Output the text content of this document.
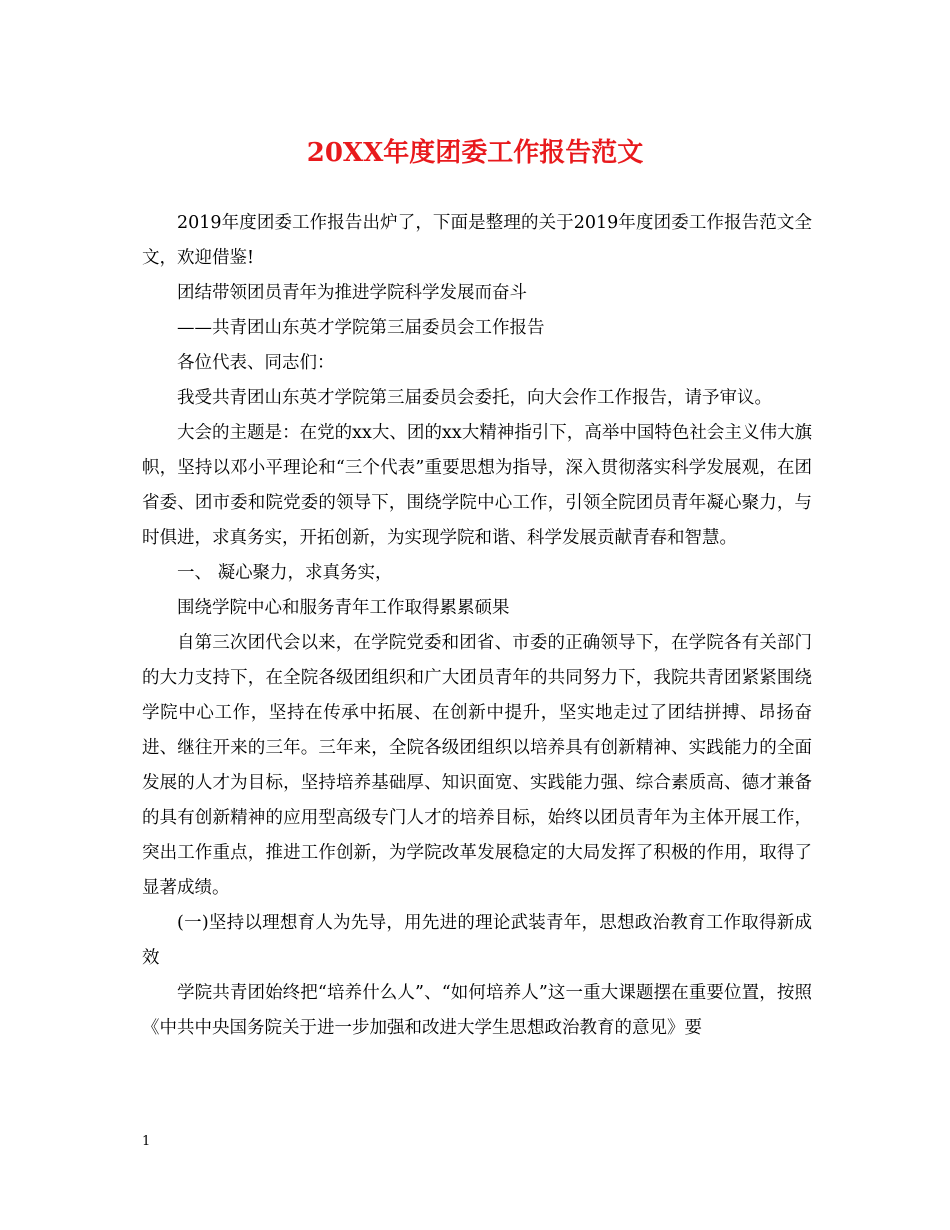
20XX年度团委工作报告范文

2019年度团委工作报告出炉了，下面是整理的关于2019年度团委工作报告范文全文，欢迎借鉴!

团结带领团员青年为推进学院科学发展而奋斗

——共青团山东英才学院第三届委员会工作报告

各位代表、同志们：

我受共青团山东英才学院第三届委员会委托，向大会作工作报告，请予审议。

大会的主题是：在党的xx大、团的xx大精神指引下，高举中国特色社会主义伟大旗帜，坚持以邓小平理论和“三个代表”重要思想为指导，深入贯彻落实科学发展观，在团省委、团市委和院党委的领导下，围绕学院中心工作，引领全院团员青年凝心聚力，与时俱进，求真务实，开拓创新，为实现学院和谐、科学发展贡献青春和智慧。

一、 凝心聚力，求真务实，

围绕学院中心和服务青年工作取得累累硕果

自第三次团代会以来，在学院党委和团省、市委的正确领导下，在学院各有关部门的大力支持下，在全院各级团组织和广大团员青年的共同努力下，我院共青团紧紧围绕学院中心工作，坚持在传承中拓展、在创新中提升，坚实地走过了团结拼搏、昂扬奋进、继往开来的三年。三年来，全院各级团组织以培养具有创新精神、实践能力的全面发展的人才为目标，坚持培养基础厚、知识面宽、实践能力强、综合素质高、德才兼备的具有创新精神的应用型高级专门人才的培养目标，始终以团员青年为主体开展工作，突出工作重点，推进工作创新，为学院改革发展稳定的大局发挥了积极的作用，取得了显著成绩。

(一)坚持以理想育人为先导，用先进的理论武装青年，思想政治教育工作取得新成效

学院共青团始终把“培养什么人”、“如何培养人”这一重大课题摆在重要位置，按照《中共中央国务院关于进一步加强和改进大学生思想政治教育的意见》要

1
